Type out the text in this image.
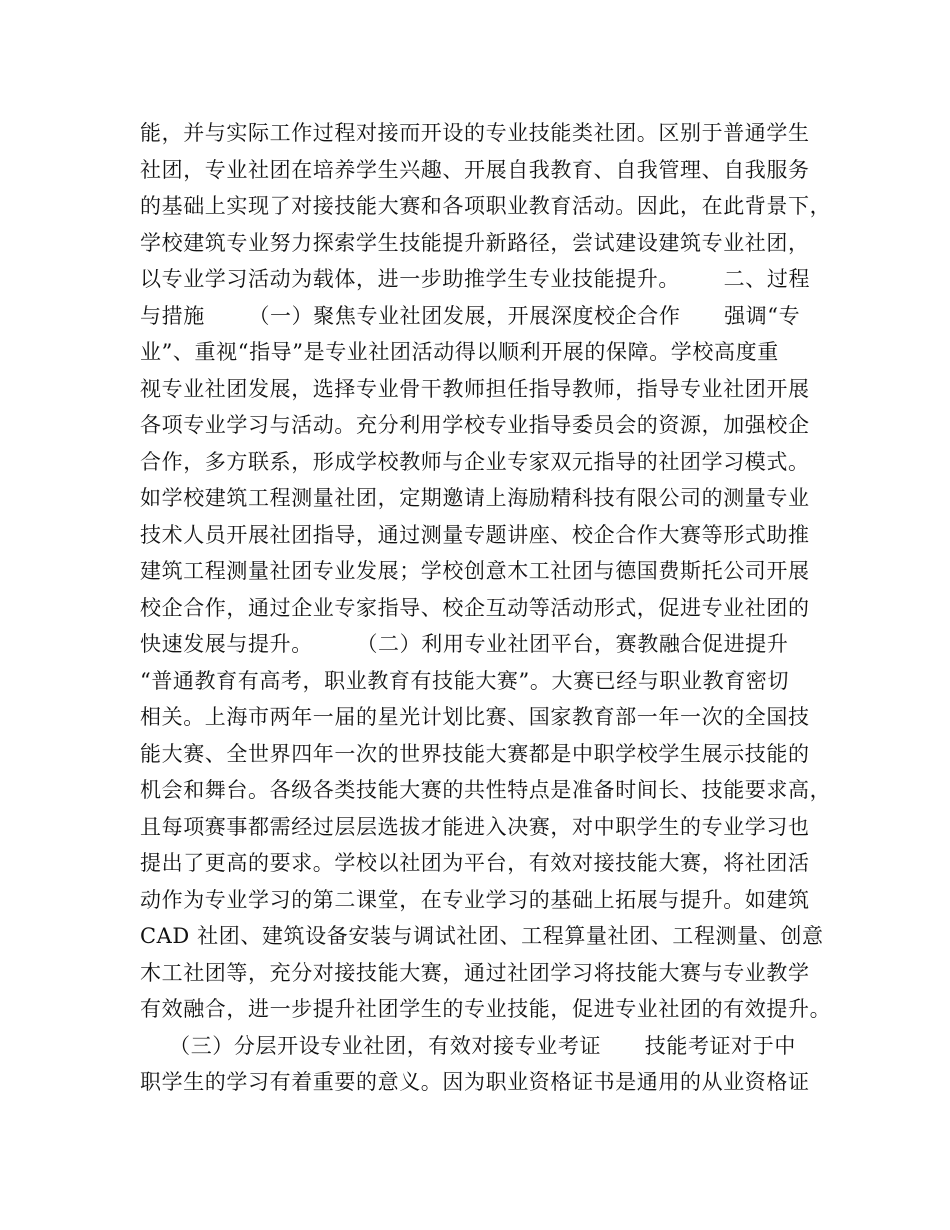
能，并与实际工作过程对接而开设的专业技能类社团。区别于普通学生
社团，专业社团在培养学生兴趣、开展自我教育、自我管理、自我服务
的基础上实现了对接技能大赛和各项职业教育活动。因此，在此背景下，
学校建筑专业努力探索学生技能提升新路径，尝试建设建筑专业社团，
以专业学习活动为载体，进一步助推学生专业技能提升。      二、过程
与措施      （一）聚焦专业社团发展，开展深度校企合作      强调“专
业”、重视“指导”是专业社团活动得以顺利开展的保障。学校高度重
视专业社团发展，选择专业骨干教师担任指导教师，指导专业社团开展
各项专业学习与活动。充分利用学校专业指导委员会的资源，加强校企
合作，多方联系，形成学校教师与企业专家双元指导的社团学习模式。
如学校建筑工程测量社团，定期邀请上海励精科技有限公司的测量专业
技术人员开展社团指导，通过测量专题讲座、校企合作大赛等形式助推
建筑工程测量社团专业发展；学校创意木工社团与德国费斯托公司开展
校企合作，通过企业专家指导、校企互动等活动形式，促进专业社团的
快速发展与提升。      （二）利用专业社团平台，赛教融合促进提升
“普通教育有高考，职业教育有技能大赛”。大赛已经与职业教育密切
相关。上海市两年一届的星光计划比赛、国家教育部一年一次的全国技
能大赛、全世界四年一次的世界技能大赛都是中职学校学生展示技能的
机会和舞台。各级各类技能大赛的共性特点是准备时间长、技能要求高，
且每项赛事都需经过层层选拔才能进入决赛，对中职学生的专业学习也
提出了更高的要求。学校以社团为平台，有效对接技能大赛，将社团活
动作为专业学习的第二课堂，在专业学习的基础上拓展与提升。如建筑
CAD 社团、建筑设备安装与调试社团、工程算量社团、工程测量、创意
木工社团等，充分对接技能大赛，通过社团学习将技能大赛与专业教学
有效融合，进一步提升社团学生的专业技能，促进专业社团的有效提升。
（三）分层开设专业社团，有效对接专业考证      技能考证对于中
职学生的学习有着重要的意义。因为职业资格证书是通用的从业资格证
